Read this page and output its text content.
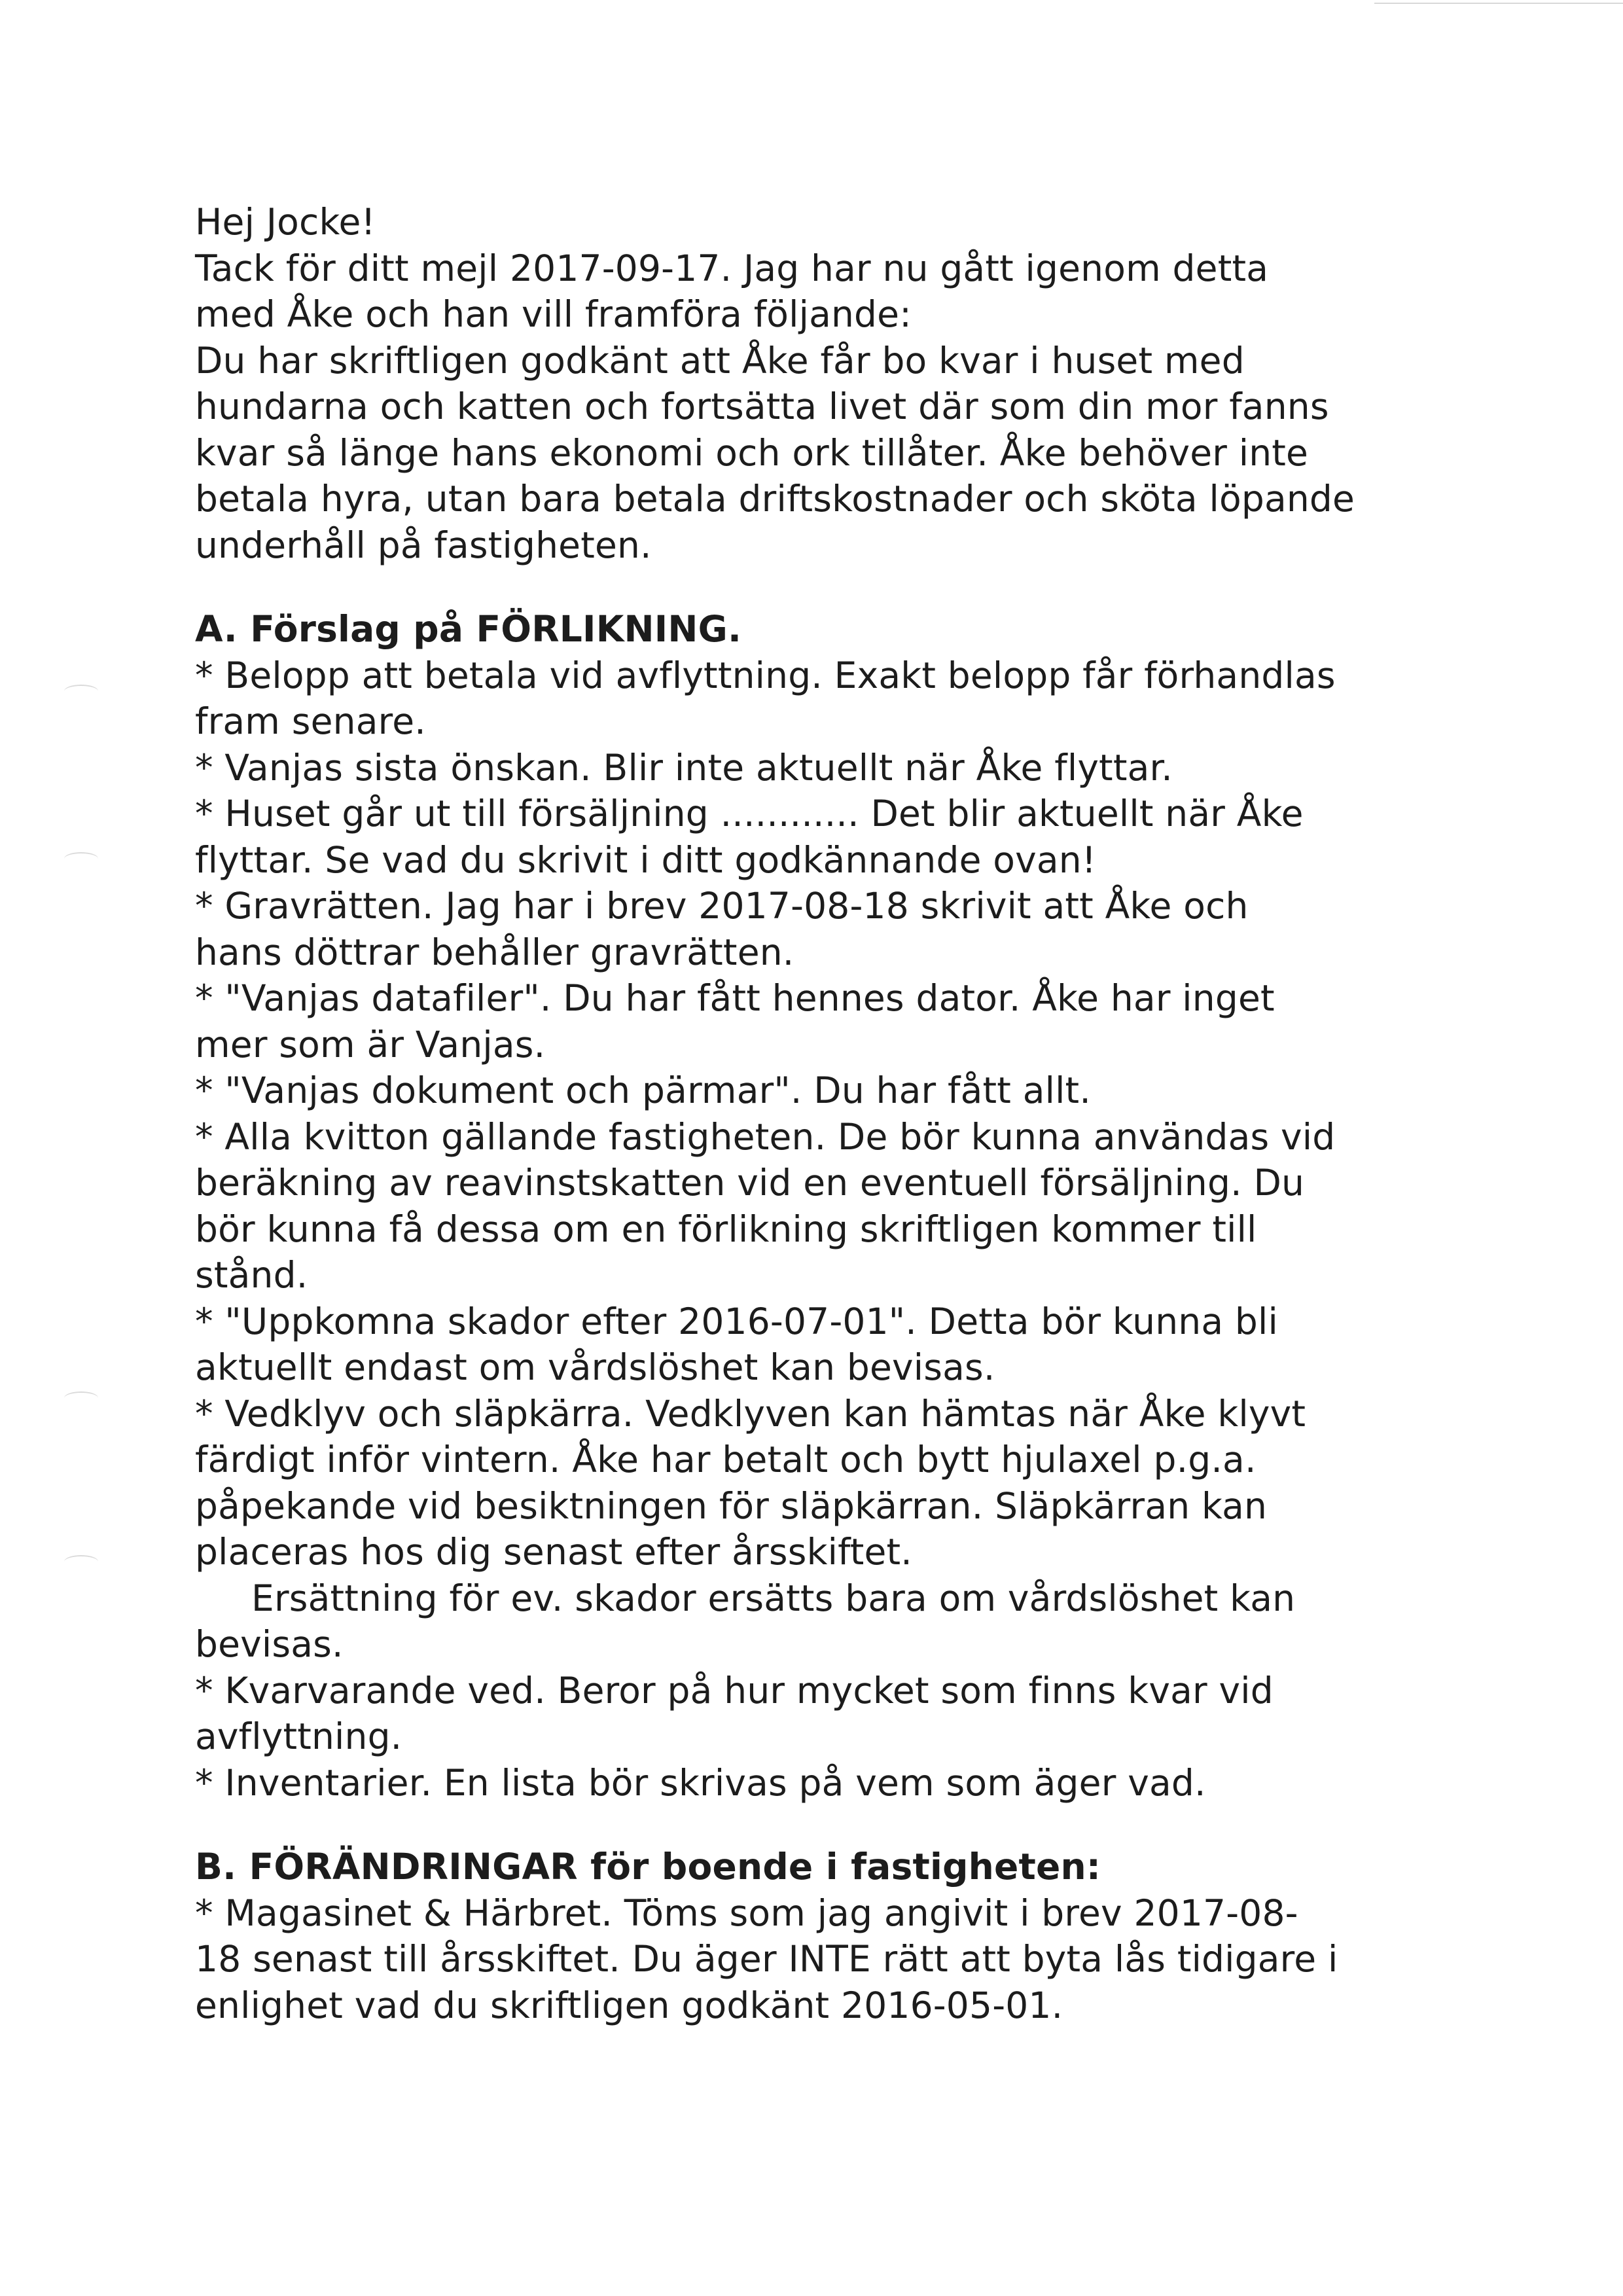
Hej Jocke!

Tack för ditt mejl 2017-09-17. Jag har nu gått igenom detta

med Åke och han vill framföra följande:

Du har skriftligen godkänt att Åke får bo kvar i huset med

hundarna och katten och fortsätta livet där som din mor fanns

kvar så länge hans ekonomi och ork tillåter. Åke behöver inte

betala hyra, utan bara betala driftskostnader och sköta löpande

underhåll på fastigheten.

A. Förslag på FÖRLIKNING.

* Belopp att betala vid avflyttning. Exakt belopp får förhandlas

fram senare.

* Vanjas sista önskan. Blir inte aktuellt när Åke flyttar.

* Huset går ut till försäljning ............ Det blir aktuellt när Åke

flyttar. Se vad du skrivit i ditt godkännande ovan!

* Gravrätten. Jag har i brev 2017-08-18 skrivit att Åke och

hans döttrar behåller gravrätten.

* "Vanjas datafiler". Du har fått hennes dator. Åke har inget

mer som är Vanjas.

* "Vanjas dokument och pärmar". Du har fått allt.

* Alla kvitton gällande fastigheten. De bör kunna användas vid

beräkning av reavinstskatten vid en eventuell försäljning. Du

bör kunna få dessa om en förlikning skriftligen kommer till

stånd.

* "Uppkomna skador efter 2016-07-01". Detta bör kunna bli

aktuellt endast om vårdslöshet kan bevisas.

* Vedklyv och släpkärra. Vedklyven kan hämtas när Åke klyvt

färdigt inför vintern. Åke har betalt och bytt hjulaxel p.g.a.

påpekande vid besiktningen för släpkärran. Släpkärran kan

placeras hos dig senast efter årsskiftet.

Ersättning för ev. skador ersätts bara om vårdslöshet kan

bevisas.

* Kvarvarande ved. Beror på hur mycket som finns kvar vid

avflyttning.

* Inventarier. En lista bör skrivas på vem som äger vad.

B. FÖRÄNDRINGAR för boende i fastigheten:

* Magasinet & Härbret. Töms som jag angivit i brev 2017-08-

18 senast till årsskiftet. Du äger INTE rätt att byta lås tidigare i

enlighet vad du skriftligen godkänt 2016-05-01.
